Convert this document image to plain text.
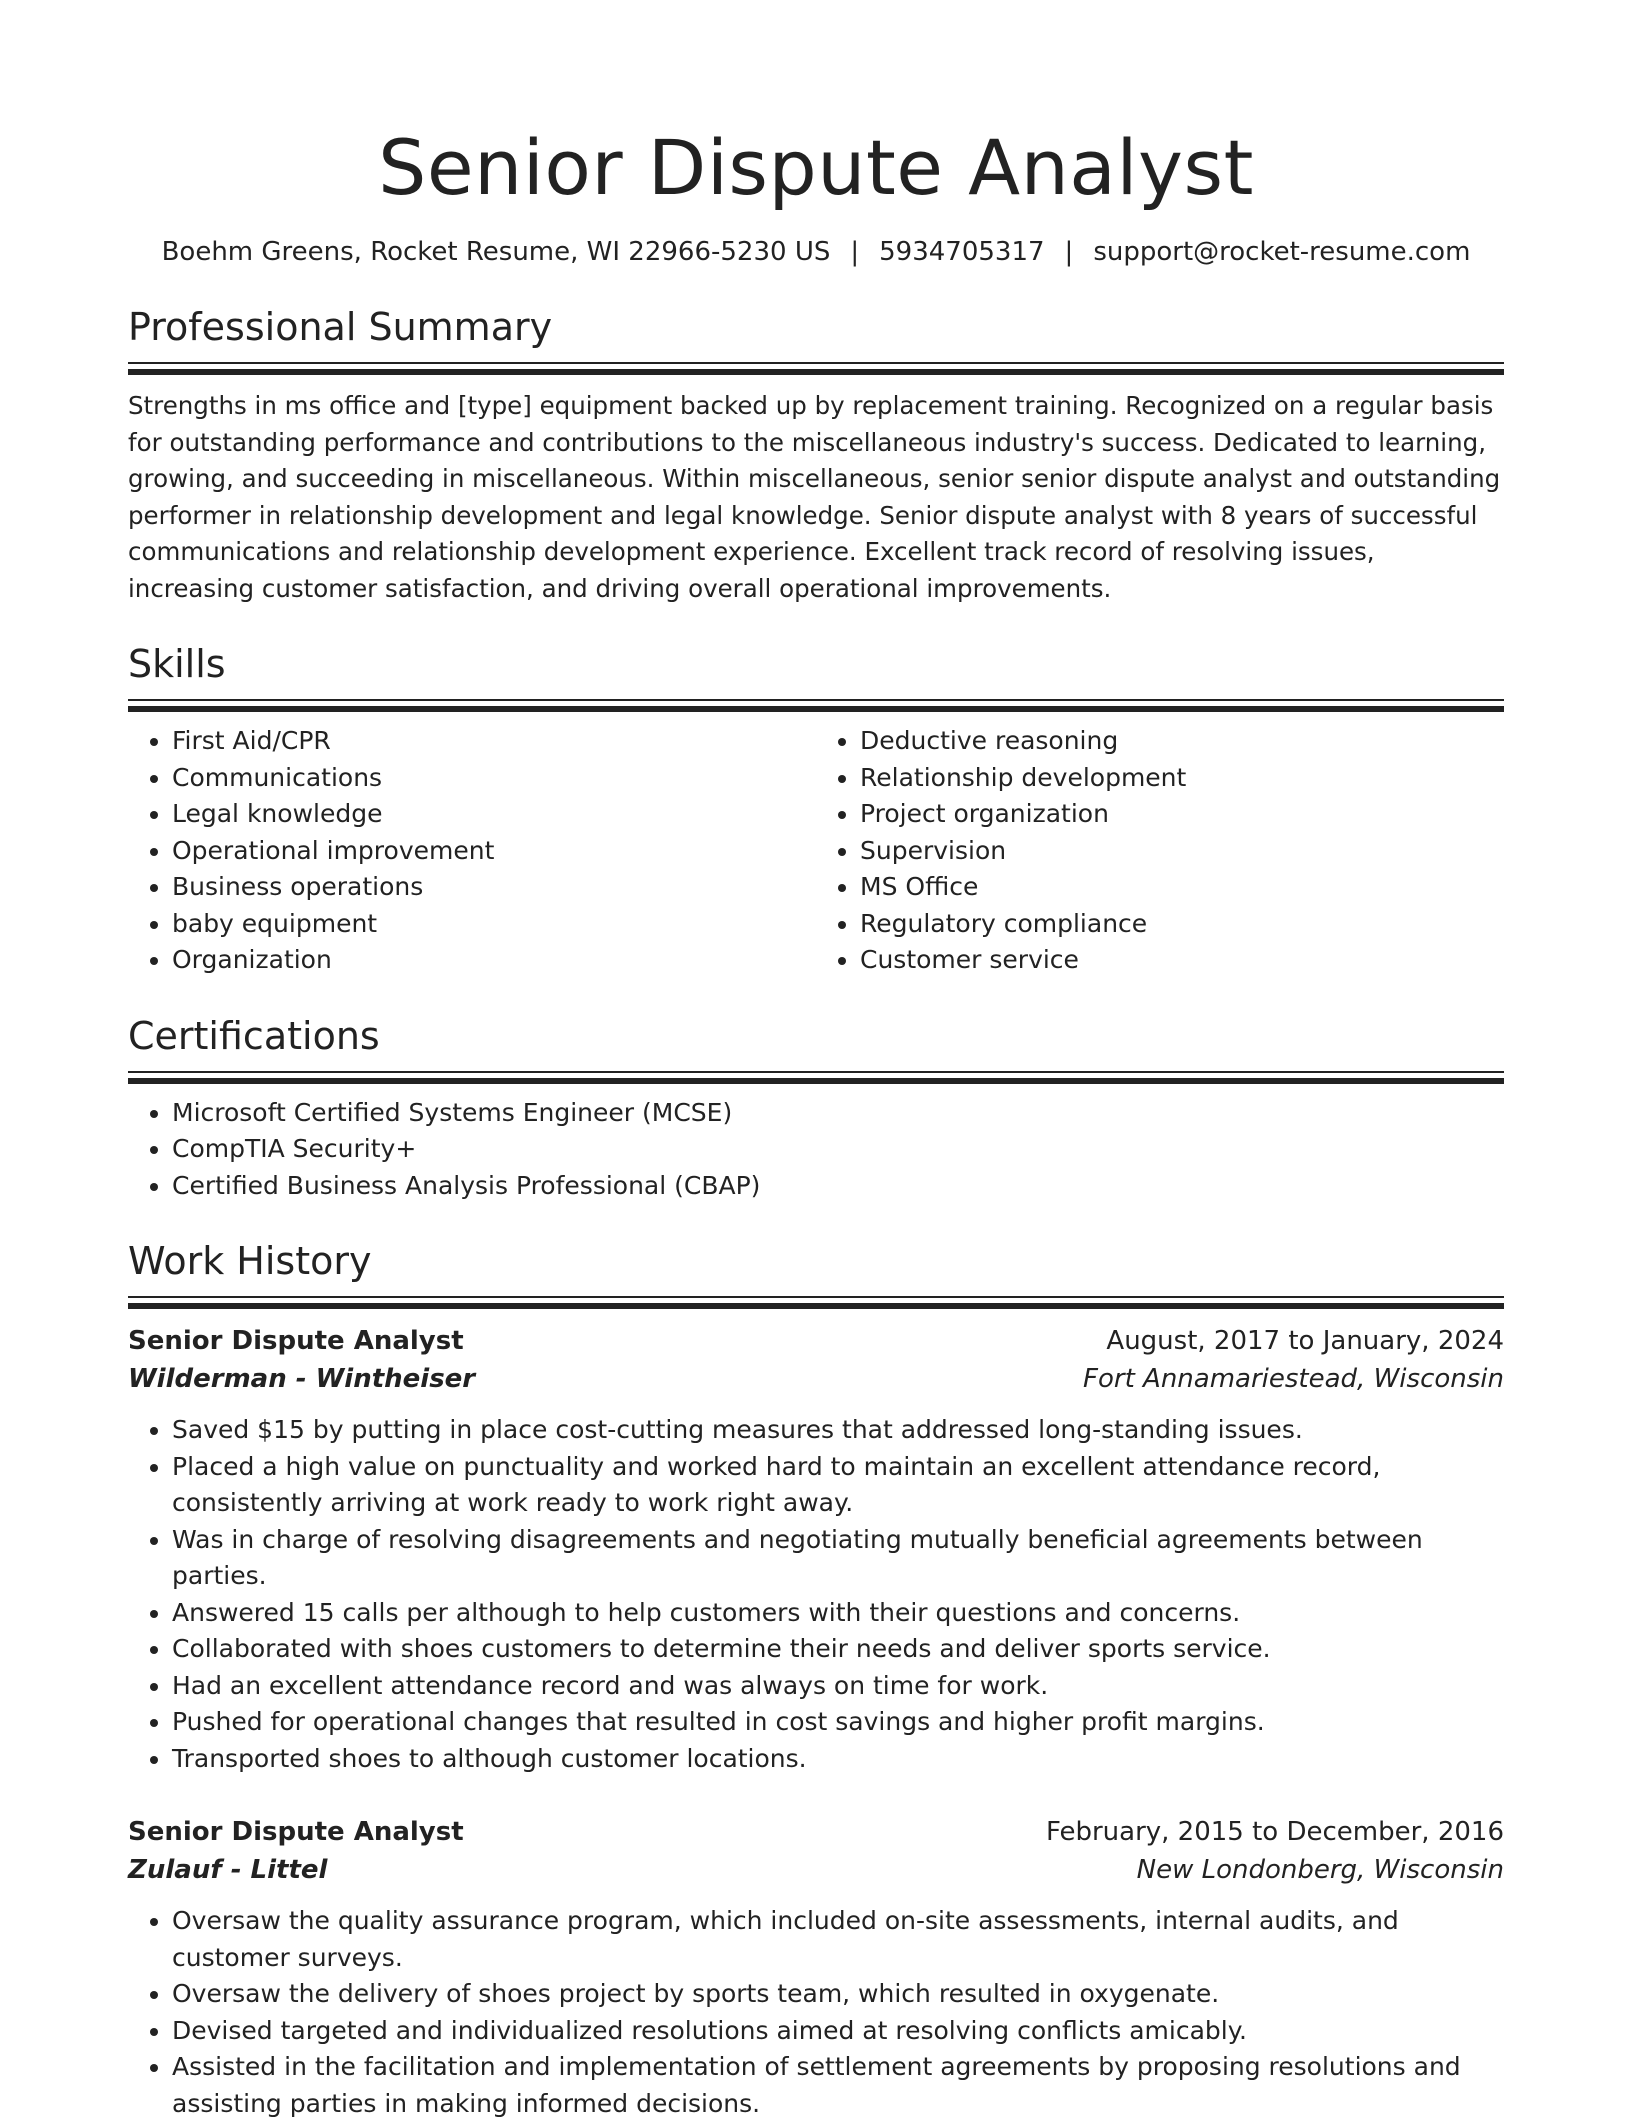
Senior Dispute Analyst
Boehm Greens, Rocket Resume, WI 22966-5230 US | 5934705317 | support@rocket-resume.com
Professional Summary

Strengths in ms office and [type] equipment backed up by replacement training. Recognized on a regular basis for outstanding performance and contributions to the miscellaneous industry's success. Dedicated to learning, growing, and succeeding in miscellaneous. Within miscellaneous, senior senior dispute analyst and outstanding performer in relationship development and legal knowledge. Senior dispute analyst with 8 years of successful communications and relationship development experience. Excellent track record of resolving issues, increasing customer satisfaction, and driving overall operational improvements.

Skills
• First Aid/CPR
• Communications
• Legal knowledge
• Operational improvement
• Business operations
• baby equipment
• Organization
• Deductive reasoning
• Relationship development
• Project organization
• Supervision
• MS Office
• Regulatory compliance
• Customer service
Certifications
• Microsoft Certified Systems Engineer (MCSE)
• CompTIA Security+
• Certified Business Analysis Professional (CBAP)
Work History
Senior Dispute Analyst	August, 2017 to January, 2024
Wilderman - Wintheiser	Fort Annamariestead, Wisconsin
• Saved $15 by putting in place cost-cutting measures that addressed long-standing issues.
• Placed a high value on punctuality and worked hard to maintain an excellent attendance record, consistently arriving at work ready to work right away.
• Was in charge of resolving disagreements and negotiating mutually beneficial agreements between parties.
• Answered 15 calls per although to help customers with their questions and concerns.
• Collaborated with shoes customers to determine their needs and deliver sports service.
• Had an excellent attendance record and was always on time for work.
• Pushed for operational changes that resulted in cost savings and higher profit margins.
• Transported shoes to although customer locations.
Senior Dispute Analyst	February, 2015 to December, 2016
Zulauf - Littel	New Londonberg, Wisconsin
• Oversaw the quality assurance program, which included on-site assessments, internal audits, and customer surveys.
• Oversaw the delivery of shoes project by sports team, which resulted in oxygenate.
• Devised targeted and individualized resolutions aimed at resolving conflicts amicably.
• Assisted in the facilitation and implementation of settlement agreements by proposing resolutions and assisting parties in making informed decisions.
